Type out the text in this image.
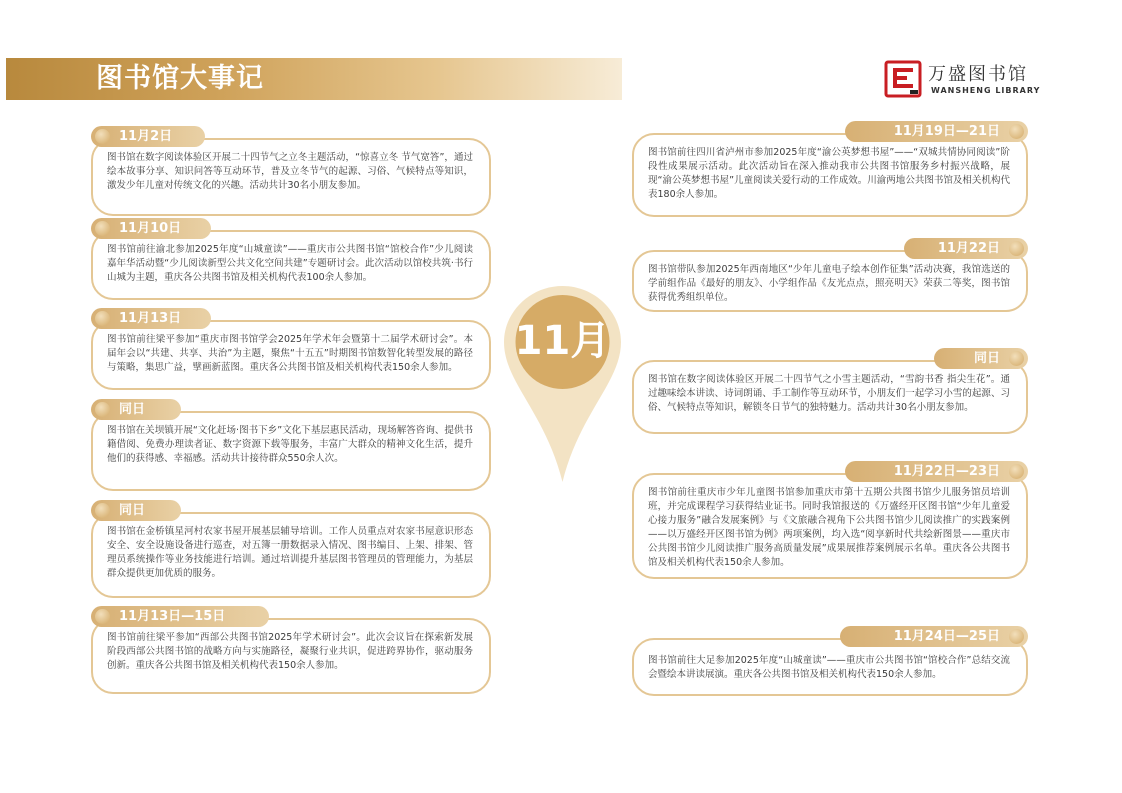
图书馆大事记	万盛图书馆
WANSHENG LIBRARY
11月

图书馆在数字阅读体验区开展二十四节气之立冬主题活动，“惊喜立冬 节气宽答”，通过绘本故事分享、知识问答等互动环节，普及立冬节气的起源、习俗、气候特点等知识，激发少年儿童对传统文化的兴趣。活动共计30名小朋友参加。

11月2日

图书馆前往渝北参加2025年度“山城童读”——重庆市公共图书馆“馆校合作”少儿阅读嘉年华活动暨“少儿阅读新型公共文化空间共建”专题研讨会。此次活动以馆校共筑·书行山城为主题，重庆各公共图书馆及相关机构代表100余人参加。

11月10日

图书馆前往梁平参加“重庆市图书馆学会2025年学术年会暨第十二届学术研讨会”。本届年会以“共建、共享、共治”为主题，聚焦“十五五”时期图书馆数智化转型发展的路径与策略，集思广益，擘画新蓝图。重庆各公共图书馆及相关机构代表150余人参加。

11月13日

图书馆在关坝镇开展“文化赶场·图书下乡”文化下基层惠民活动，现场解答咨询、提供书籍借阅、免费办理读者证、数字资源下载等服务，丰富广大群众的精神文化生活，提升他们的获得感、幸福感。活动共计接待群众550余人次。

同日

图书馆在金桥镇星河村农家书屋开展基层辅导培训。工作人员重点对农家书屋意识形态安全、安全设施设备进行巡查，对五簿一册数据录入情况、图书编目、上架、排架、管理员系统操作等业务技能进行培训。通过培训提升基层图书管理员的管理能力，为基层群众提供更加优质的服务。

同日

图书馆前往梁平参加“西部公共图书馆2025年学术研讨会”。此次会议旨在探索新发展阶段西部公共图书馆的战略方向与实施路径，凝聚行业共识，促进跨界协作，驱动服务创新。重庆各公共图书馆及相关机构代表150余人参加。

11月13日—15日

图书馆前往四川省泸州市参加2025年度“渝公英梦想书屋”——“双城共情协同阅读”阶段性成果展示活动。此次活动旨在深入推动我市公共图书馆服务乡村振兴战略，展现“渝公英梦想书屋”儿童阅读关爱行动的工作成效。川渝两地公共图书馆及相关机构代表180余人参加。

11月19日—21日

图书馆带队参加2025年西南地区“少年儿童电子绘本创作征集”活动决赛，我馆选送的学前组作品《最好的朋友》、小学组作品《友光点点，照亮明天》荣获二等奖，图书馆获得优秀组织单位。

11月22日

图书馆在数字阅读体验区开展二十四节气之小雪主题活动，“雪韵书香 指尖生花”。通过趣味绘本讲读、诗词朗诵、手工制作等互动环节，小朋友们一起学习小雪的起源、习俗、气候特点等知识，解锁冬日节气的独特魅力。活动共计30名小朋友参加。

同日

图书馆前往重庆市少年儿童图书馆参加重庆市第十五期公共图书馆少儿服务馆员培训班，并完成课程学习获得结业证书。同时我馆报送的《万盛经开区图书馆“少年儿童爱心接力服务”融合发展案例》与《文旅融合视角下公共图书馆少儿阅读推广的实践案例——以万盛经开区图书馆为例》两项案例，均入选“阅享新时代共绘新图景——重庆市公共图书馆少儿阅读推广服务高质量发展”成果展推荐案例展示名单。重庆各公共图书馆及相关机构代表150余人参加。

11月22日—23日

图书馆前往大足参加2025年度“山城童读”——重庆市公共图书馆“馆校合作”总结交流会暨绘本讲读展演。重庆各公共图书馆及相关机构代表150余人参加。

11月24日—25日
